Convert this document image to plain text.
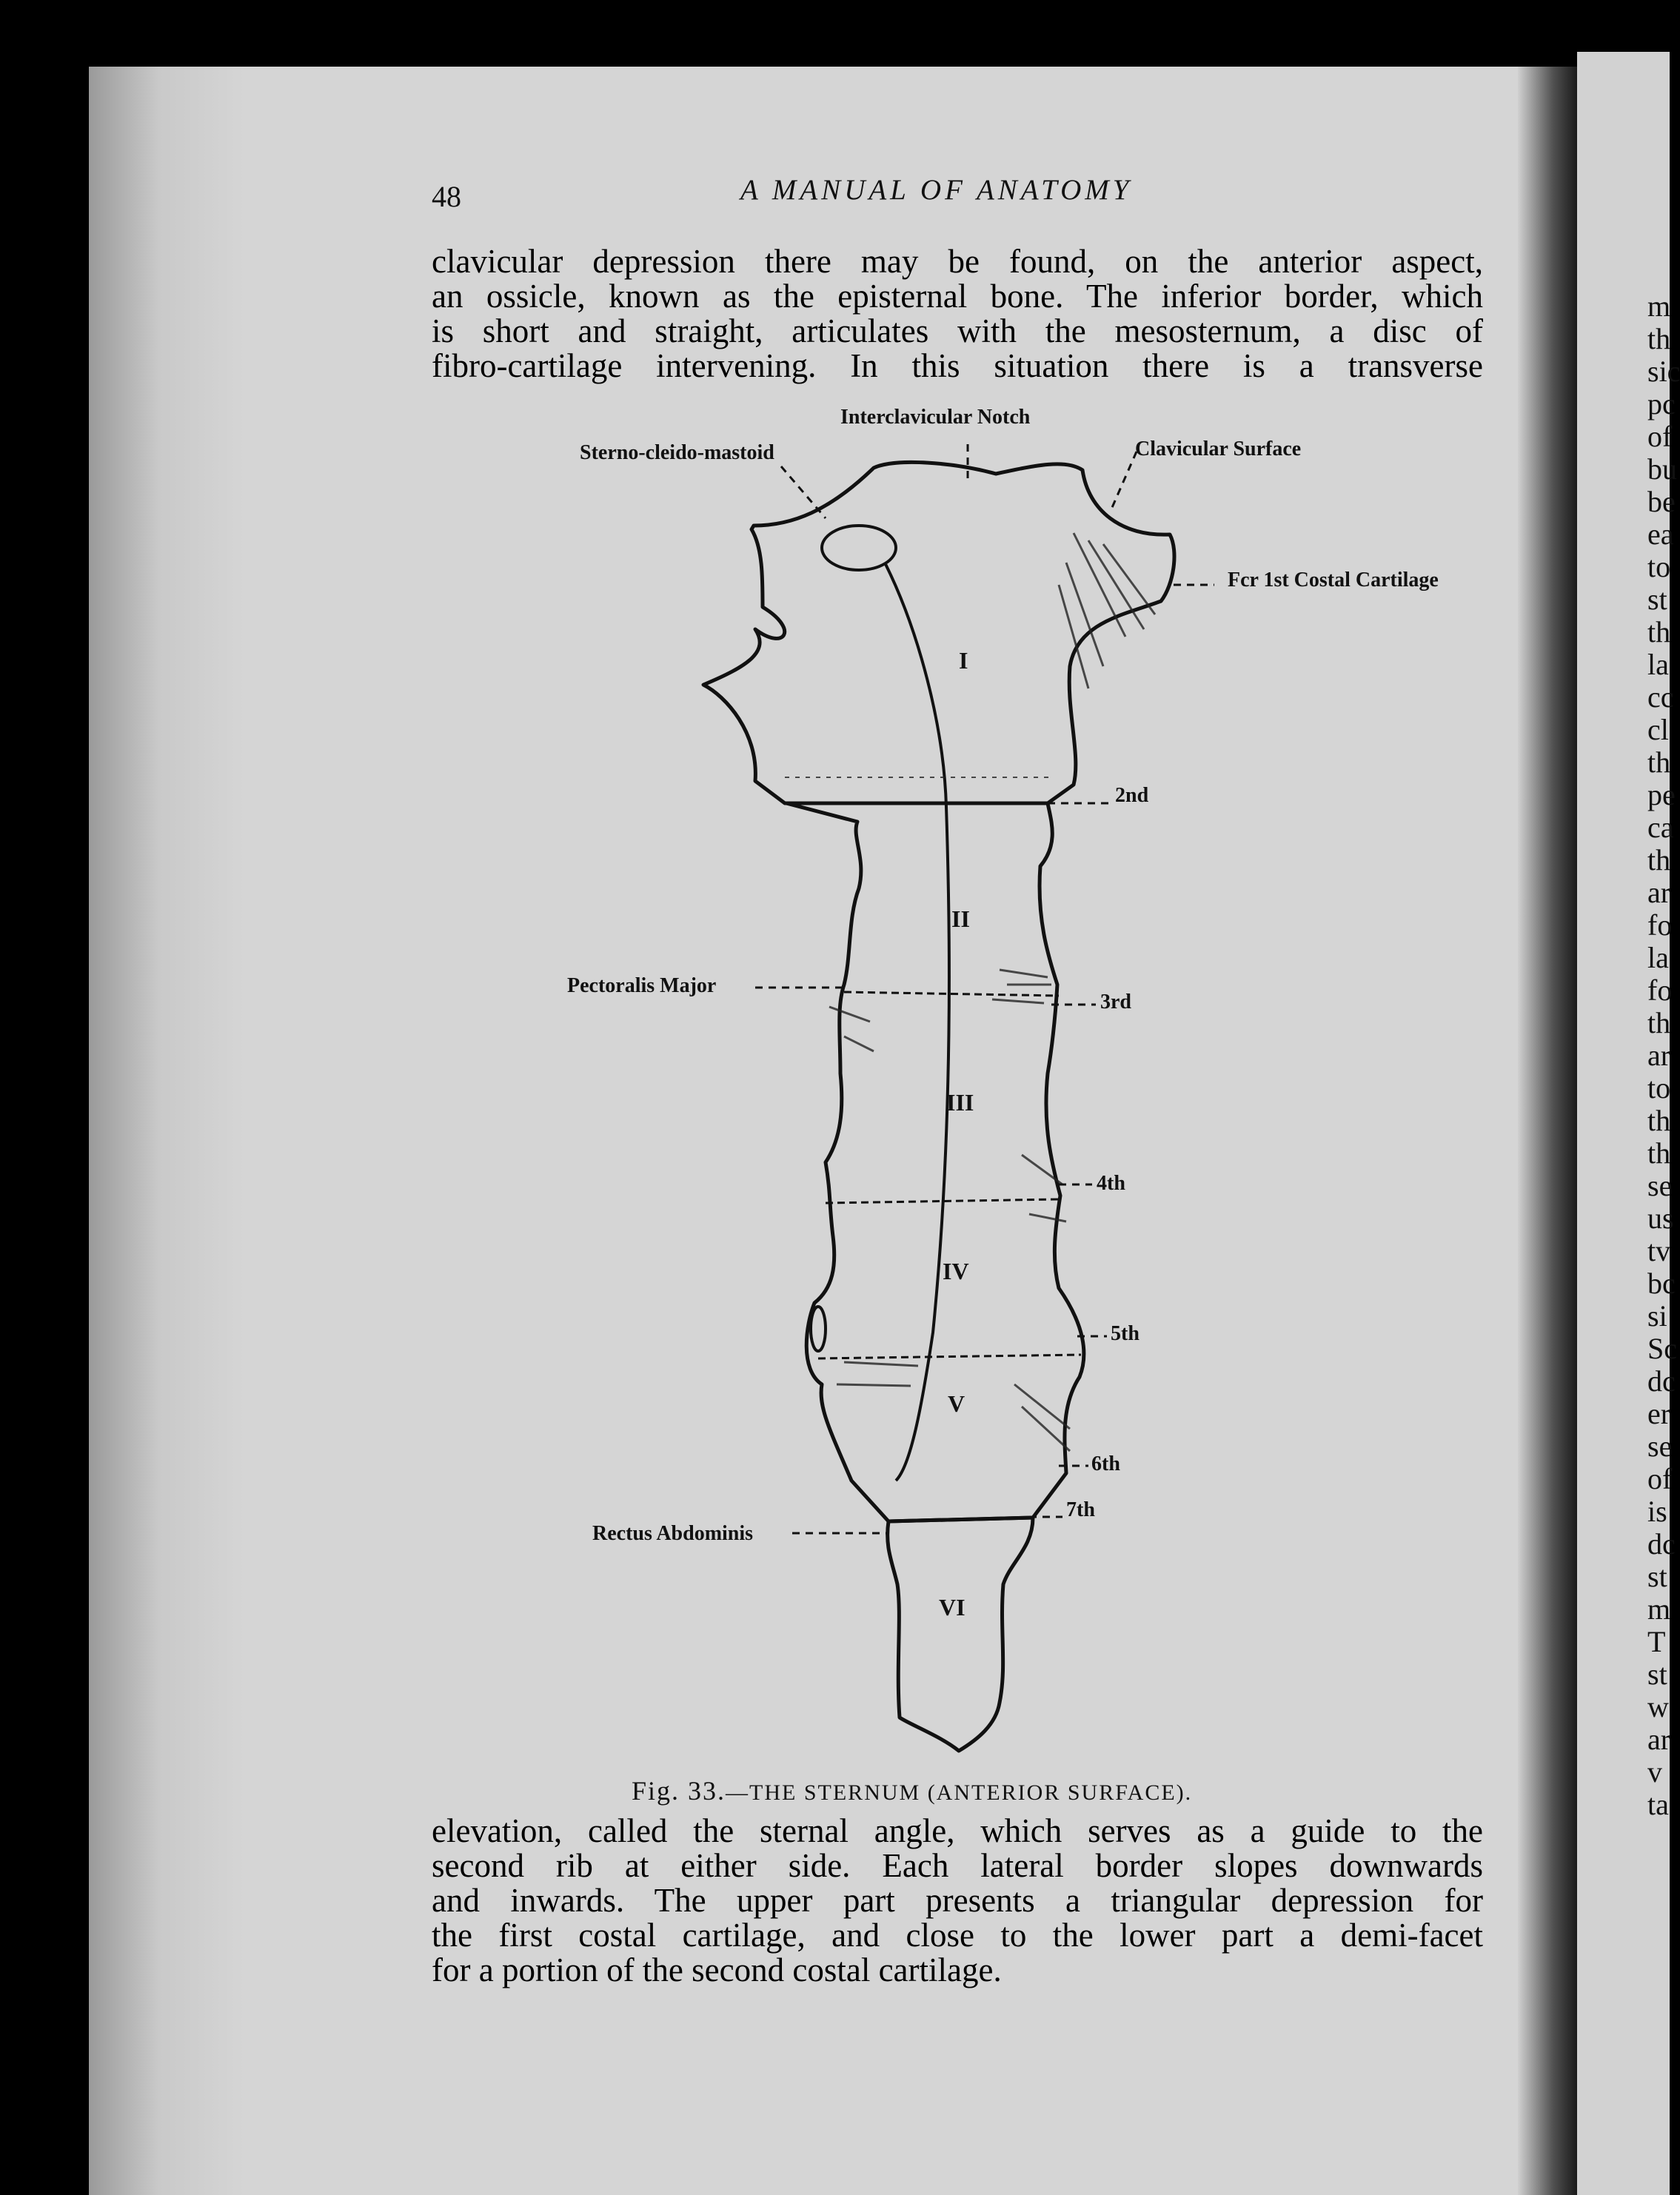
m
th
sic
pc
of
bu
be
ea
to
st
th
la
cc
cl
th
pe
ca
th
ar
fo
la
fo
th
ar
to
th
th
se
us
tv
bc
si
Sc
dc
er
se
of
is
dc
st
m
T
st
w
ar
v
ta
48	A MANUAL OF ANATOMY
clavicular depression there may be found, on the anterior aspect,
an ossicle, known as the episternal bone. The inferior border, which
is short and straight, articulates with the mesosternum, a disc of
fibro-cartilage intervening. In this situation there is a transverse
Interclavicular Notch
Sterno-cleido-mastoid	Clavicular Surface
Fcr 1st Costal Cartilage
2nd
Pectoralis Major
3rd
4th
5th
6th
7th
Rectus Abdominis
I
II
III
IV
V
VI
Fig. 33.—THE STERNUM (ANTERIOR SURFACE).
elevation, called the sternal angle, which serves as a guide to the
second rib at either side. Each lateral border slopes downwards
and inwards. The upper part presents a triangular depression for
the first costal cartilage, and close to the lower part a demi-facet
for a portion of the second costal cartilage.
